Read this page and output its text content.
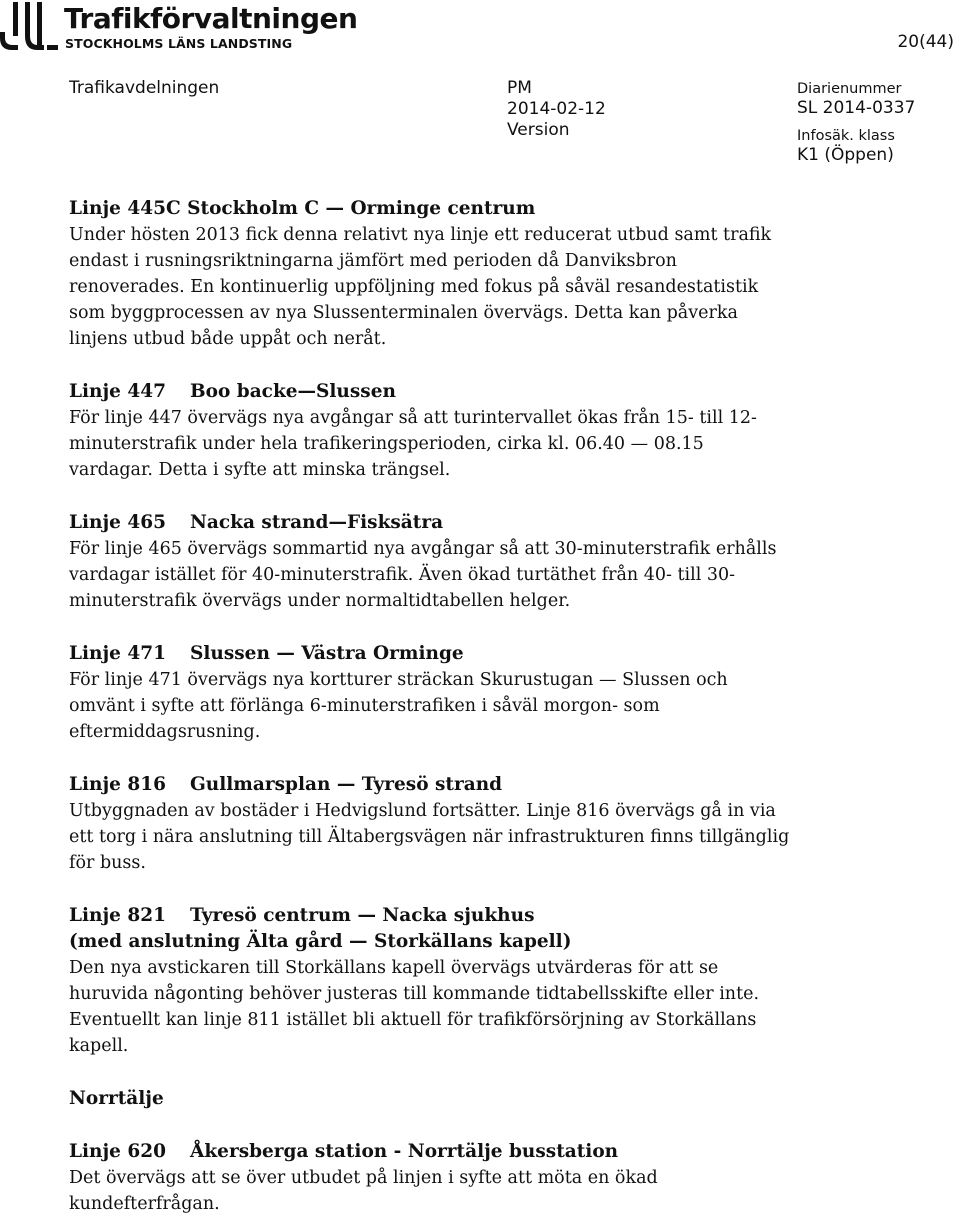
Trafikförvaltningen
STOCKHOLMS LÄNS LANDSTING	20(44)
Trafikavdelningen	PM
2014-02-12
Version
Diarienummer
SL 2014-0337
Infosäk. klass
K1 (Öppen)
Linje 445C Stockholm C — Orminge centrum
Under hösten 2013 fick denna relativt nya linje ett reducerat utbud samt trafik
endast i rusningsriktningarna jämfört med perioden då Danviksbron
renoverades. En kontinuerlig uppföljning med fokus på såväl resandestatistik
som byggprocessen av nya Slussenterminalen övervägs. Detta kan påverka
linjens utbud både uppåt och neråt.
Linje 447 Boo backe—Slussen
För linje 447 övervägs nya avgångar så att turintervallet ökas från 15- till 12-
minuterstrafik under hela trafikeringsperioden, cirka kl. 06.40 — 08.15
vardagar. Detta i syfte att minska trängsel.
Linje 465 Nacka strand—Fisksätra
För linje 465 övervägs sommartid nya avgångar så att 30-minuterstrafik erhålls
vardagar istället för 40-minuterstrafik. Även ökad turtäthet från 40- till 30-
minuterstrafik övervägs under normaltidtabellen helger.
Linje 471 Slussen — Västra Orminge
För linje 471 övervägs nya kortturer sträckan Skurustugan — Slussen och
omvänt i syfte att förlänga 6-minuterstrafiken i såväl morgon- som
eftermiddagsrusning.
Linje 816 Gullmarsplan — Tyresö strand
Utbyggnaden av bostäder i Hedvigslund fortsätter. Linje 816 övervägs gå in via
ett torg i nära anslutning till Ältabergsvägen när infrastrukturen finns tillgänglig
för buss.
Linje 821 Tyresö centrum — Nacka sjukhus
(med anslutning Älta gård — Storkällans kapell)
Den nya avstickaren till Storkällans kapell övervägs utvärderas för att se
huruvida någonting behöver justeras till kommande tidtabellsskifte eller inte.
Eventuellt kan linje 811 istället bli aktuell för trafikförsörjning av Storkällans
kapell.
Norrtälje
Linje 620 Åkersberga station - Norrtälje busstation
Det övervägs att se över utbudet på linjen i syfte att möta en ökad
kundefterfrågan.
